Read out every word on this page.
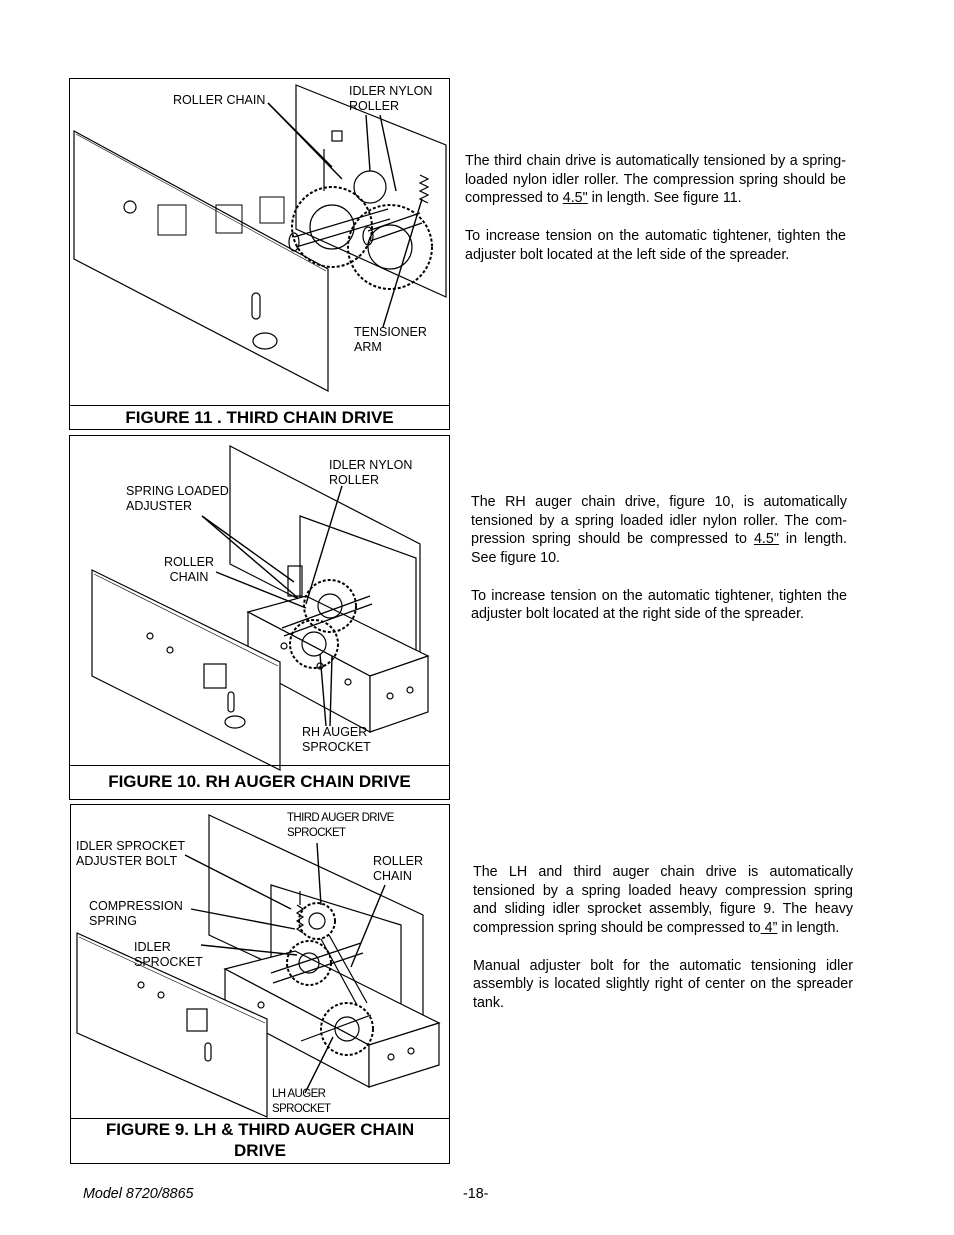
ROLLER CHAIN
IDLER NYLON
ROLLER
TENSIONER
ARM
FIGURE 11 . THIRD CHAIN DRIVE

The third chain drive is automatically tensioned by a spring-loaded nylon idler roller. The compression spring should be compressed to 4.5" in length. See figure 11.

To increase tension on the automatic tightener, tighten the adjuster bolt located at the left side of the spreader.

SPRING LOADED
ADJUSTER
IDLER NYLON
ROLLER
ROLLER
CHAIN
RH AUGER
SPROCKET
FIGURE 10. RH AUGER CHAIN DRIVE

The RH auger chain drive, figure 10, is automatically tensioned by a spring loaded idler nylon roller. The com-pression spring should be compressed to 4.5" in length. See figure 10.

To increase tension on the automatic tightener, tighten the adjuster bolt located at the right side of the spreader.

THIRD AUGER DRIVE
SPROCKET
IDLER SPROCKET
ADJUSTER BOLT	ROLLER
CHAIN
COMPRESSION
SPRING
IDLER
SPROCKET
LH AUGER
SPROCKET
FIGURE 9. LH & THIRD AUGER CHAIN DRIVE

The LH and third auger chain drive is automatically tensioned by a spring loaded heavy compression spring and sliding idler sprocket assembly, figure 9. The heavy compression spring should be compressed to 4” in length.

Manual adjuster bolt for the automatic tensioning idler assembly is located slightly right of center on the spreader tank.

Model 8720/8865	-18-
